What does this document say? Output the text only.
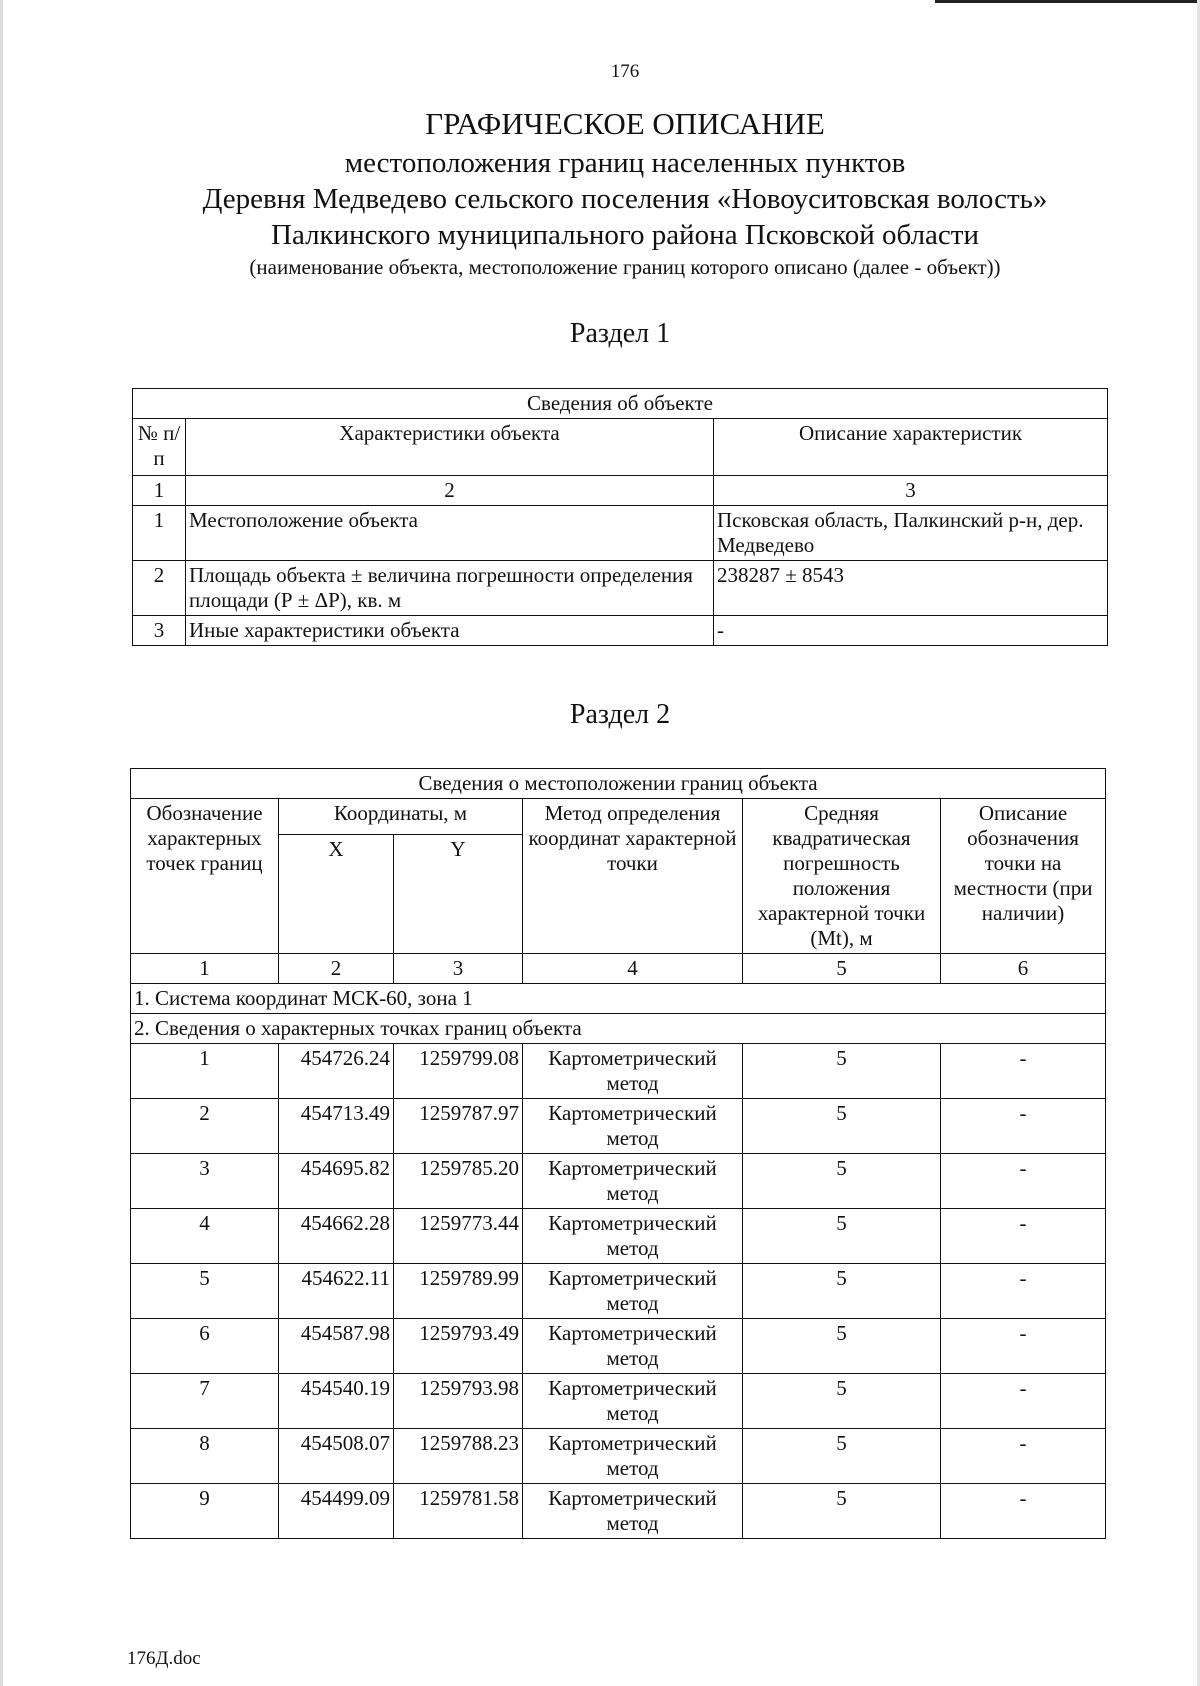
176
ГРАФИЧЕСКОЕ ОПИСАНИЕ
местоположения границ населенных пунктов
Деревня Медведево сельского поселения «Новоуситовская волость»
Палкинского муниципального района Псковской области
(наименование объекта, местоположение границ которого описано (далее - объект))
Раздел 1
Сведения об объекте		
№ п/п	Характеристики объекта	Описание характеристик
1	2	3
1	Местоположение объекта	Псковская область, Палкинский р-н, дер. Медведево
2	Площадь объекта ± величина погрешности определения площади (Р ± ΔР), кв. м	238287 ± 8543
3	Иные характеристики объекта	-
Раздел 2
Сведения о местоположении границ объекта					
Обозначение характерных точек границ	Координаты, м		Метод определения координат характерной точки	Средняя квадратическая погрешность положения характерной точки (Mt), м	Описание обозначения точки на местности (при наличии)
	X	Y			
1	2	3	4	5	6
1. Система координат МСК-60, зона 1					
2. Сведения о характерных точках границ объекта					
1	454726.24	1259799.08	Картометрический метод	5	-
2	454713.49	1259787.97	Картометрический метод	5	-
3	454695.82	1259785.20	Картометрический метод	5	-
4	454662.28	1259773.44	Картометрический метод	5	-
5	454622.11	1259789.99	Картометрический метод	5	-
6	454587.98	1259793.49	Картометрический метод	5	-
7	454540.19	1259793.98	Картометрический метод	5	-
8	454508.07	1259788.23	Картометрический метод	5	-
9	454499.09	1259781.58	Картометрический метод	5	-
176Д.doc
